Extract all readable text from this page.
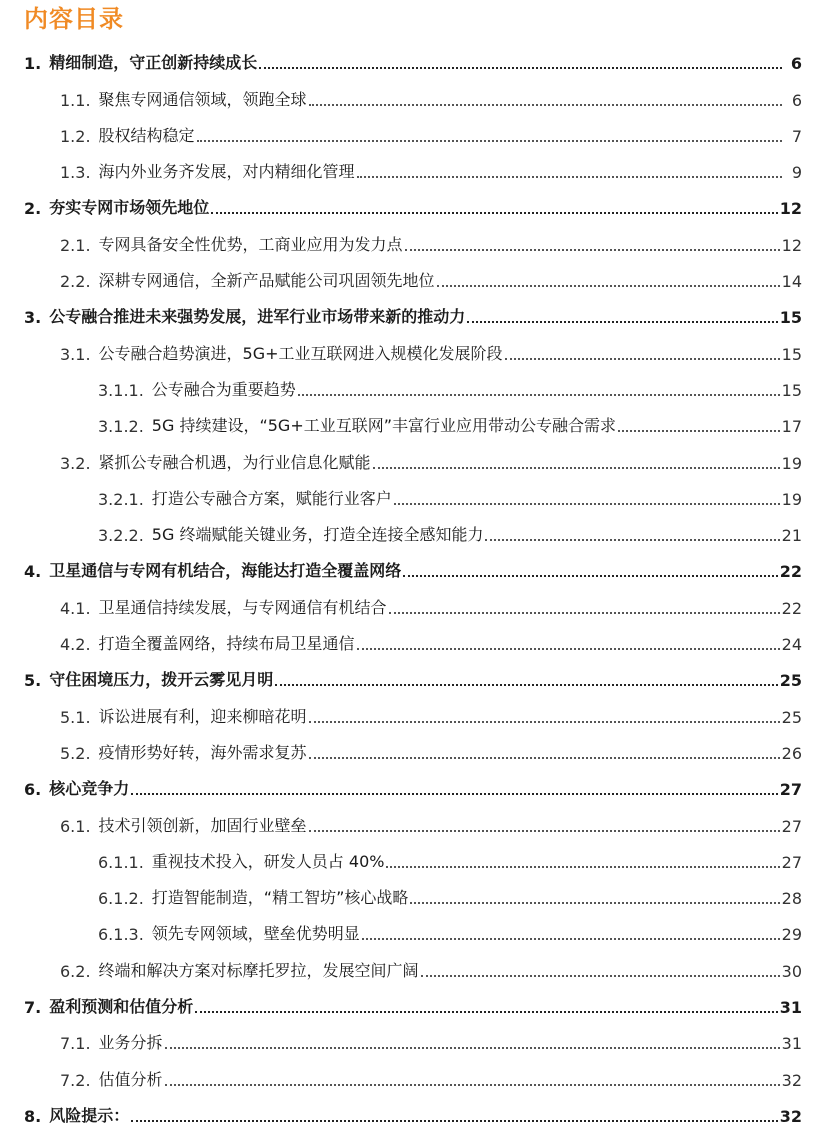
内容目录
1. 精细制造，守正创新持续成长	6
1.1. 聚焦专网通信领域，领跑全球	6
1.2. 股权结构稳定	7
1.3. 海内外业务齐发展，对内精细化管理	9
2. 夯实专网市场领先地位	12
2.1. 专网具备安全性优势，工商业应用为发力点	12
2.2. 深耕专网通信，全新产品赋能公司巩固领先地位	14
3. 公专融合推进未来强势发展，进军行业市场带来新的推动力	15
3.1. 公专融合趋势演进，5G+工业互联网进入规模化发展阶段	15
3.1.1. 公专融合为重要趋势	15
3.1.2. 5G 持续建设，“5G+工业互联网”丰富行业应用带动公专融合需求	17
3.2. 紧抓公专融合机遇，为行业信息化赋能	19
3.2.1. 打造公专融合方案，赋能行业客户	19
3.2.2. 5G 终端赋能关键业务，打造全连接全感知能力	21
4. 卫星通信与专网有机结合，海能达打造全覆盖网络	22
4.1. 卫星通信持续发展，与专网通信有机结合	22
4.2. 打造全覆盖网络，持续布局卫星通信	24
5. 守住困境压力，拨开云雾见月明	25
5.1. 诉讼进展有利，迎来柳暗花明	25
5.2. 疫情形势好转，海外需求复苏	26
6. 核心竞争力	27
6.1. 技术引领创新，加固行业壁垒	27
6.1.1. 重视技术投入，研发人员占 40%	27
6.1.2. 打造智能制造，“精工智坊”核心战略	28
6.1.3. 领先专网领域，壁垒优势明显	29
6.2. 终端和解决方案对标摩托罗拉，发展空间广阔	30
7. 盈利预测和估值分析	31
7.1. 业务分拆	31
7.2. 估值分析	32
8. 风险提示：	32
